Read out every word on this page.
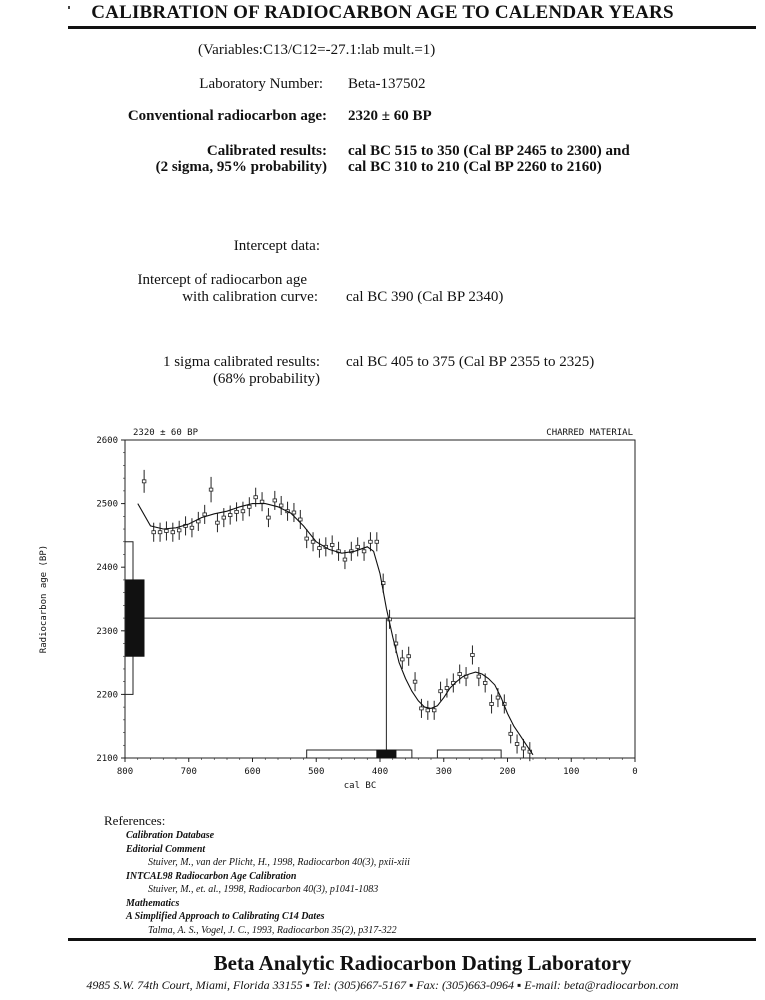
CALIBRATION OF RADIOCARBON AGE TO CALENDAR YEARS
(Variables:C13/C12=-27.1:lab mult.=1)
Laboratory Number: Beta-137502
Conventional radiocarbon age: 2320 ± 60 BP
Calibrated results:
(2 sigma, 95% probability)
cal BC 515 to 350 (Cal BP 2465 to 2300) and
cal BC 310 to 210 (Cal BP 2260 to 2160)
Intercept data:
Intercept of radiocarbon age
with calibration curve: cal BC 390 (Cal BP 2340)
1 sigma calibrated results:
(68% probability)
cal BC 405 to 375 (Cal BP 2355 to 2325)
2320 ± 60 BP	CHARRED MATERIAL
2100
2200
2300
2400
2500
2600
800	700	600	500	400	300	200	100	0
cal BC
Radiocarbon age (BP)
References:
Calibration Database
Editorial Comment
Stuiver, M., van der Plicht, H., 1998, Radiocarbon 40(3), pxii-xiii
INTCAL98 Radiocarbon Age Calibration
Stuiver, M., et. al., 1998, Radiocarbon 40(3), p1041-1083
Mathematics
A Simplified Approach to Calibrating C14 Dates
Talma, A. S., Vogel, J. C., 1993, Radiocarbon 35(2), p317-322
Beta Analytic Radiocarbon Dating Laboratory
4985 S.W. 74th Court, Miami, Florida 33155 ▪ Tel: (305)667-5167 ▪ Fax: (305)663-0964 ▪ E-mail: beta@radiocarbon.com
